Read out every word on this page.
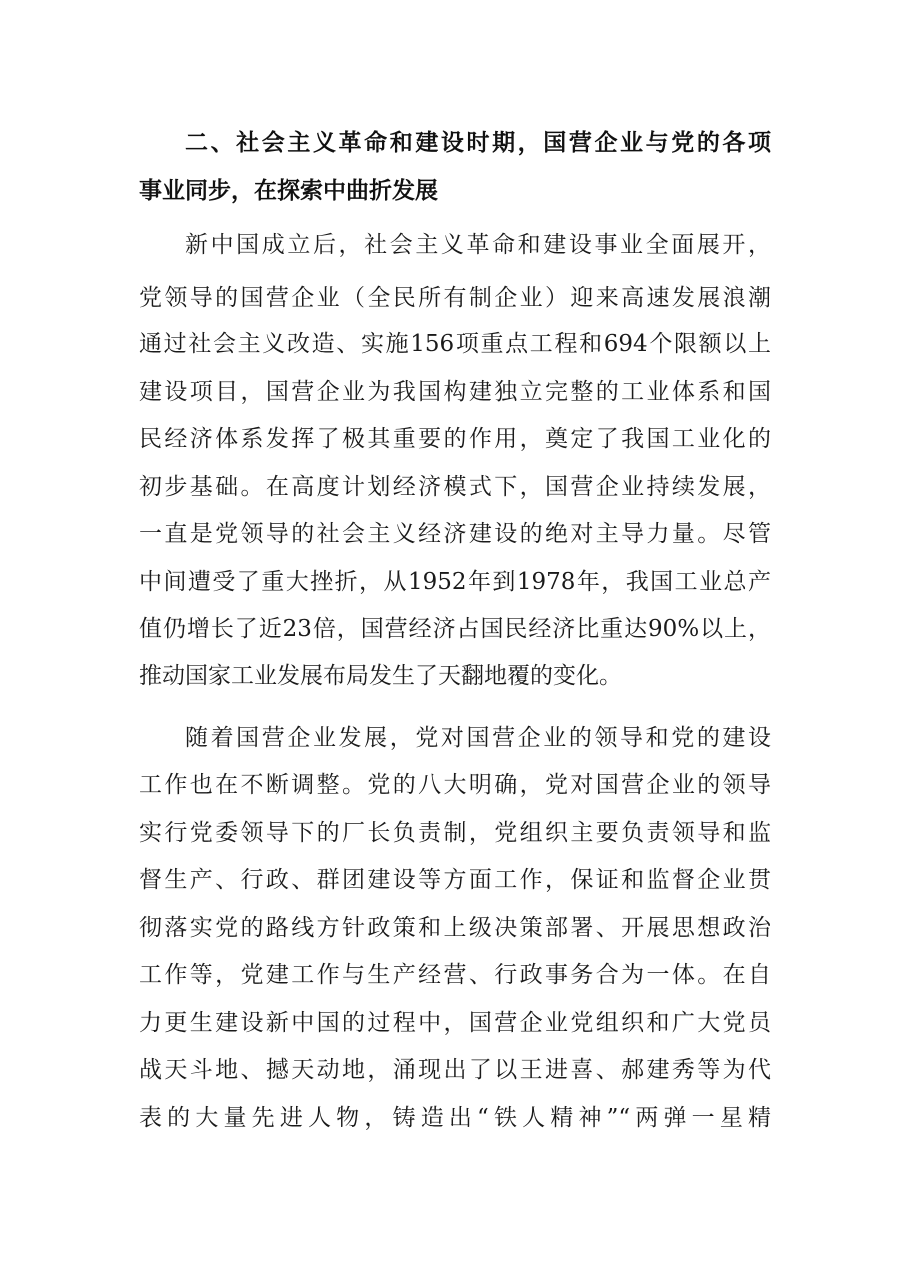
二、社会主义革命和建设时期，国营企业与党的各项
事业同步，在探索中曲折发展
新中国成立后，社会主义革命和建设事业全面展开，
党领导的国营企业（全民所有制企业）迎来高速发展浪潮
通过社会主义改造、实施156项重点工程和694个限额以上
建设项目，国营企业为我国构建独立完整的工业体系和国
民经济体系发挥了极其重要的作用，奠定了我国工业化的
初步基础。在高度计划经济模式下，国营企业持续发展，
一直是党领导的社会主义经济建设的绝对主导力量。尽管
中间遭受了重大挫折，从1952年到1978年，我国工业总产
值仍增长了近23倍，国营经济占国民经济比重达90%以上，
推动国家工业发展布局发生了天翻地覆的变化。
随着国营企业发展，党对国营企业的领导和党的建设
工作也在不断调整。党的八大明确，党对国营企业的领导
实行党委领导下的厂长负责制，党组织主要负责领导和监
督生产、行政、群团建设等方面工作，保证和监督企业贯
彻落实党的路线方针政策和上级决策部署、开展思想政治
工作等，党建工作与生产经营、行政事务合为一体。在自
力更生建设新中国的过程中，国营企业党组织和广大党员
战天斗地、撼天动地，涌现出了以王进喜、郝建秀等为代
表的大量先进人物，铸造出“铁人精神”“两弹一星精
